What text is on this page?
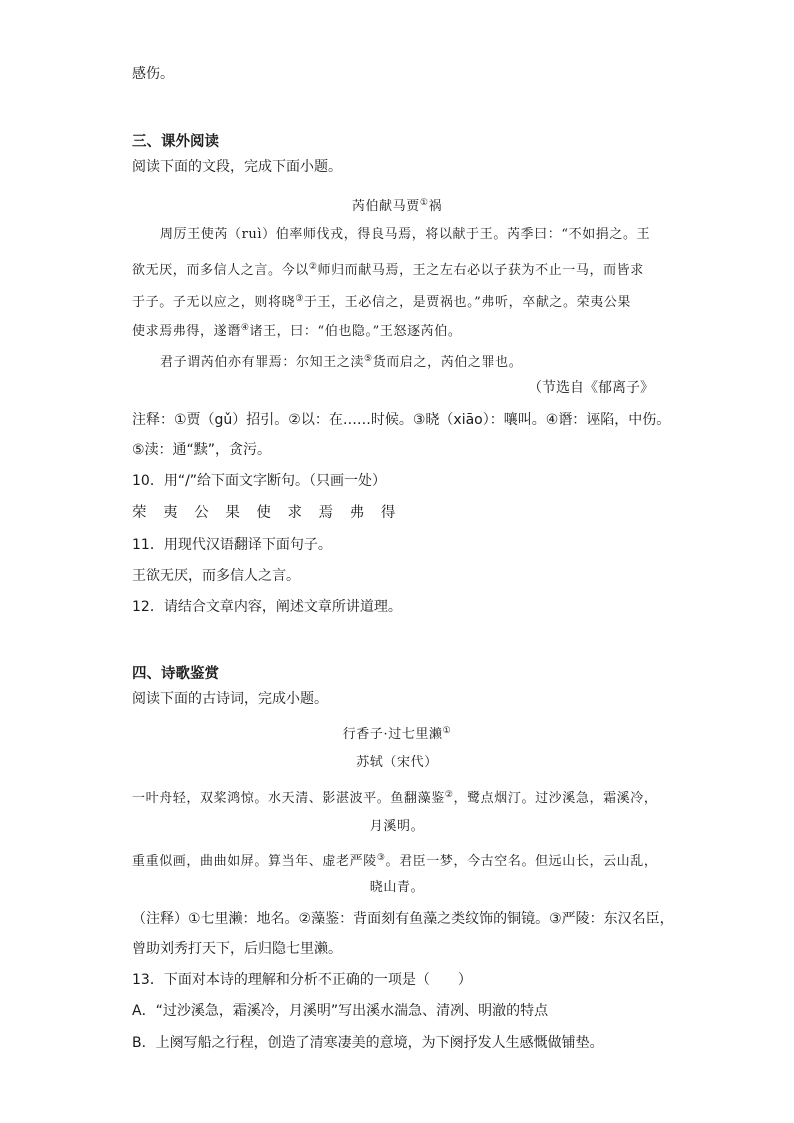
感伤。
三、课外阅读
阅读下面的文段，完成下面小题。
芮伯献马贾①祸
周厉王使芮（ruì）伯率师伐戎，得良马焉，将以献于王。芮季曰：“不如捐之。王
欲无厌，而多信人之言。今以②师归而献马焉，王之左右必以子获为不止一马，而皆求
于子。子无以应之，则将晓③于王，王必信之，是贾祸也。”弗听，卒献之。荣夷公果
使求焉弗得，遂谮④诸王，曰：“伯也隐。”王怒逐芮伯。
君子谓芮伯亦有罪焉：尔知王之渎⑤货而启之，芮伯之罪也。
（节选自《郁离子》
注释：①贾（gǔ）招引。②以：在……时候。③晓（xiāo）：嚷叫。④谮：诬陷，中伤。
⑤渎：通“黩”，贪污。
10．用“/”给下面文字断句。（只画一处）
荣 夷 公 果 使 求 焉 弗 得
11．用现代汉语翻译下面句子。
王欲无厌，而多信人之言。
12．请结合文章内容，阐述文章所讲道理。
四、诗歌鉴赏
阅读下面的古诗词，完成小题。
行香子·过七里濑①
苏轼（宋代）
一叶舟轻，双桨鸿惊。水天清、影湛波平。鱼翻藻鉴②，鹭点烟汀。过沙溪急，霜溪冷，
月溪明。
重重似画，曲曲如屏。算当年、虚老严陵③。君臣一梦，今古空名。但远山长，云山乱，
晓山青。
（注释）①七里濑：地名。②藻鉴：背面刻有鱼藻之类纹饰的铜镜。③严陵：东汉名臣，
曾助刘秀打天下，后归隐七里濑。
13．下面对本诗的理解和分析不正确的一项是（　　）
A．“过沙溪急，霜溪冷，月溪明”写出溪水湍急、清冽、明澈的特点
B．上阕写船之行程，创造了清寒凄美的意境，为下阕抒发人生感慨做铺垫。
